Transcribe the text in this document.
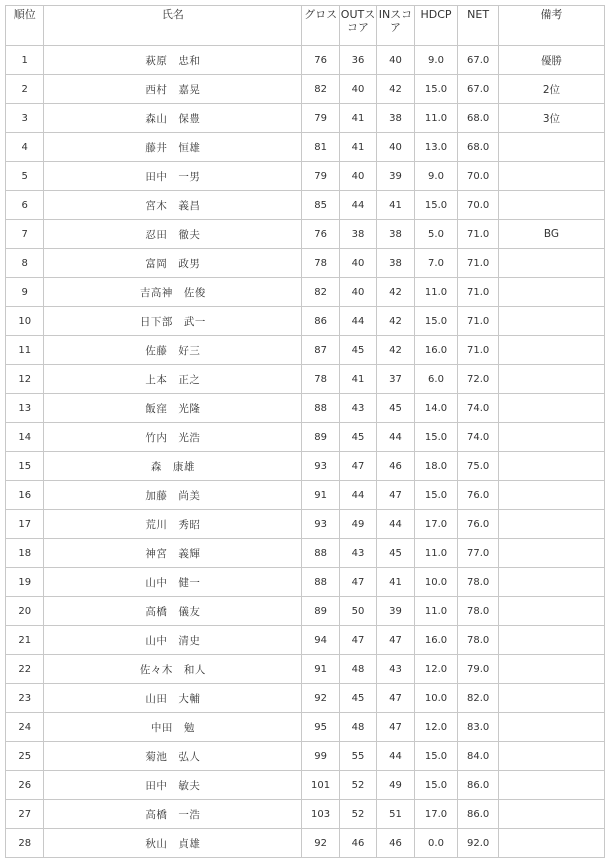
順位	氏名	グロス	OUTスコア	INスコア	HDCP	NET	備考
1	萩原　忠和	76	36	40	9.0	67.0	優勝
2	西村　嘉晃	82	40	42	15.0	67.0	2位
3	森山　保豊	79	41	38	11.0	68.0	3位
4	藤井　恒雄	81	41	40	13.0	68.0	
5	田中　一男	79	40	39	9.0	70.0	
6	宮木　義昌	85	44	41	15.0	70.0	
7	忍田　徹夫	76	38	38	5.0	71.0	BG
8	富岡　政男	78	40	38	7.0	71.0	
9	吉高神　佐俊	82	40	42	11.0	71.0	
10	日下部　武一	86	44	42	15.0	71.0	
11	佐藤　好三	87	45	42	16.0	71.0	
12	上本　正之	78	41	37	6.0	72.0	
13	飯窪　光隆	88	43	45	14.0	74.0	
14	竹内　光浩	89	45	44	15.0	74.0	
15	森　康雄	93	47	46	18.0	75.0	
16	加藤　尚美	91	44	47	15.0	76.0	
17	荒川　秀昭	93	49	44	17.0	76.0	
18	神宮　義輝	88	43	45	11.0	77.0	
19	山中　健一	88	47	41	10.0	78.0	
20	高橋　儀友	89	50	39	11.0	78.0	
21	山中　清史	94	47	47	16.0	78.0	
22	佐々木　和人	91	48	43	12.0	79.0	
23	山田　大輔	92	45	47	10.0	82.0	
24	中田　勉	95	48	47	12.0	83.0	
25	菊池　弘人	99	55	44	15.0	84.0	
26	田中　敏夫	101	52	49	15.0	86.0	
27	高橋　一浩	103	52	51	17.0	86.0	
28	秋山　貞雄	92	46	46	0.0	92.0	
